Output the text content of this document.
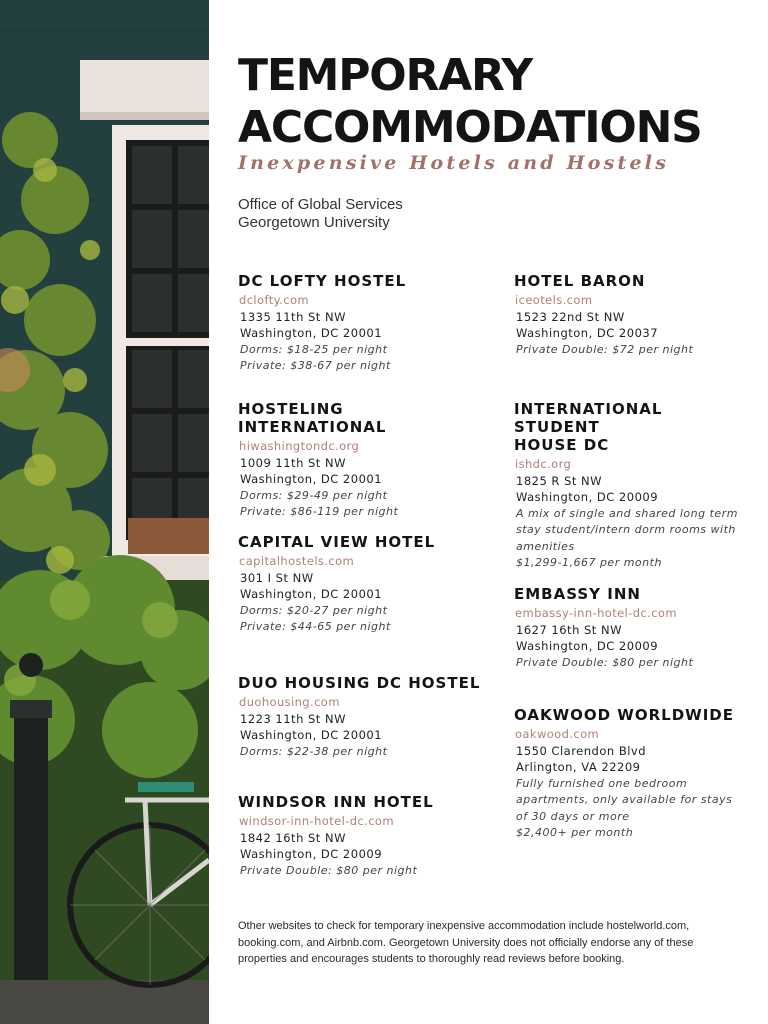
TEMPORARY
ACCOMMODATIONS

Inexpensive Hotels and Hostels

Office of Global Services
Georgetown University

DC LOFTY HOSTEL
dclofty.com
1335 11th St NW
Washington, DC 20001
Dorms: $18-25 per night
Private: $38-67 per night
HOSTELING INTERNATIONAL
hiwashingtondc.org
1009 11th St NW
Washington, DC 20001
Dorms: $29-49 per night
Private: $86-119 per night
CAPITAL VIEW HOTEL
capitalhostels.com
301 I St NW
Washington, DC 20001
Dorms: $20-27 per night
Private: $44-65 per night
DUO HOUSING DC HOSTEL
duohousing.com
1223 11th St NW
Washington, DC 20001
Dorms: $22-38 per night
WINDSOR INN HOTEL
windsor-inn-hotel-dc.com
1842 16th St NW
Washington, DC 20009
Private Double: $80 per night
HOTEL BARON
iceotels.com
1523 22nd St NW
Washington, DC 20037
Private Double: $72 per night
INTERNATIONAL STUDENT
HOUSE DC
ishdc.org
1825 R St NW
Washington, DC 20009
A mix of single and shared long term stay student/intern dorm rooms with amenities
$1,299-1,667 per month
EMBASSY INN
embassy-inn-hotel-dc.com
1627 16th St NW
Washington, DC 20009
Private Double: $80 per night
OAKWOOD WORLDWIDE
oakwood.com
1550 Clarendon Blvd
Arlington, VA 22209
Fully furnished one bedroom apartments, only available for stays of 30 days or more
$2,400+ per month

Other websites to check for temporary inexpensive accommodation include hostelworld.com, booking.com, and Airbnb.com. Georgetown University does not officially endorse any of these properties and encourages students to thoroughly read reviews before booking.
